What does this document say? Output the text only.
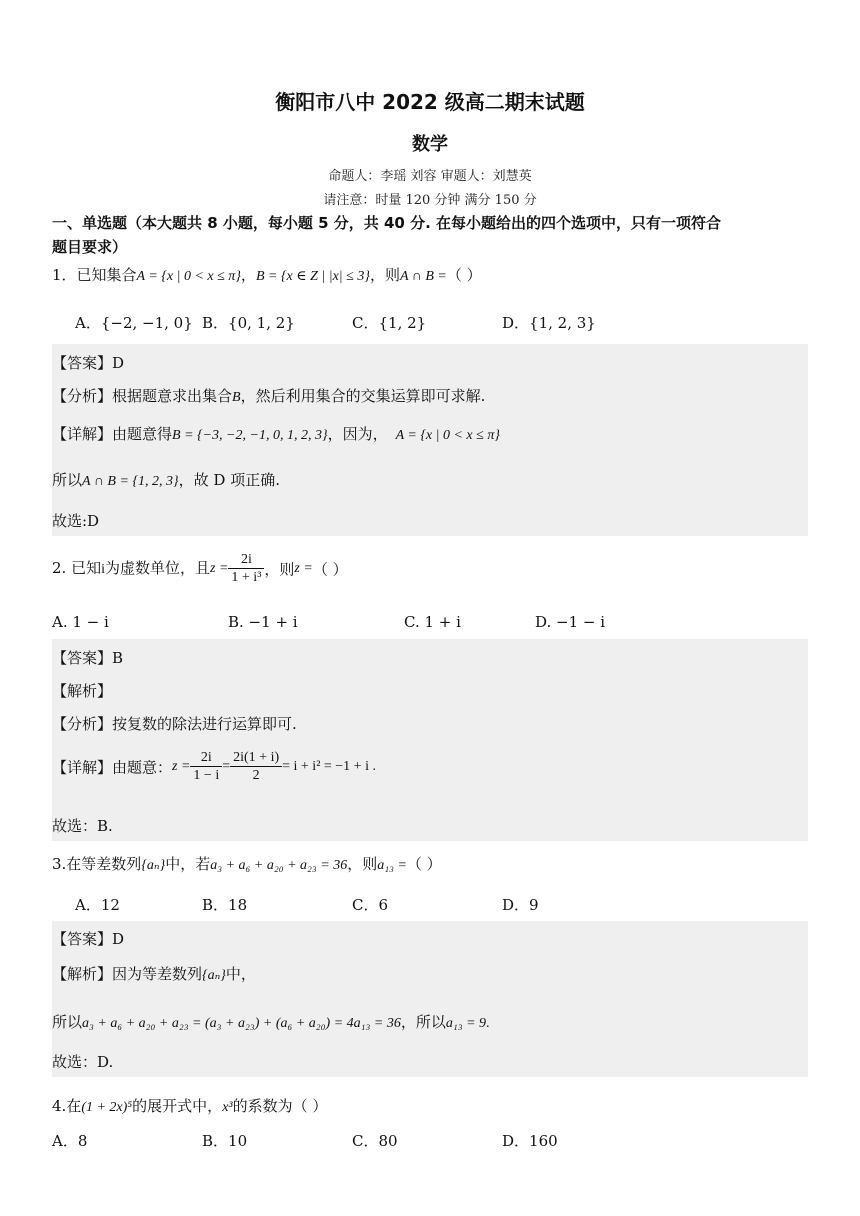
衡阳市八中 2022 级高二期末试题
数学
命题人：李瑶 刘容 审题人：刘慧英
请注意：时量 120 分钟 满分 150 分
一、单选题（本大题共 8 小题，每小题 5 分，共 40 分. 在每小题给出的四个选项中，只有一项符合
题目要求）
1．已知集合A = {x | 0 < x ≤ π}，B = {x ∈ Z | |x| ≤ 3}，则A ∩ B =（ ）
A．{−2, −1, 0} B．{0, 1, 2}	C．{1, 2}	D．{1, 2, 3}
【答案】D
【分析】根据题意求出集合B，然后利用集合的交集运算即可求解.
【详解】由题意得B = {−3, −2, −1, 0, 1, 2, 3}，因为， A = {x | 0 < x ≤ π}
所以A ∩ B = {1, 2, 3}，故 D 项正确.
故选:D
2. 已知i为虚数单位，且$z = \frac{2i}{\text{1 + i³}}$ ，则z =（ ）
A. 1 − i	B. −1 + i	C. 1 + i	D. −1 − i
【答案】B
【解析】
【分析】按复数的除法进行运算即可.
【详解】由题意：$z = \frac{2i}{1 - i} = \frac{2i(1 + i)}{2} = i + i^2 = -1 + i$ .
故选：B.
3.在等差数列{aₙ}中，若a₃ + a₆ + a₂₀ + a₂₃ = 36，则a₁₃ =（ ）
A．12	B．18	C．6	D．9
【答案】D
【解析】因为等差数列{aₙ}中，
所以a₃ + a₆ + a₂₀ + a₂₃ = (a₃ + a₂₃) + (a₆ + a₂₀) = 4a₁₃ = 36，所以a₁₃ = 9.
故选：D.
4.在(1 + 2x)⁵的展开式中，x³的系数为（ ）
A．8	B．10	C．80	D．160
